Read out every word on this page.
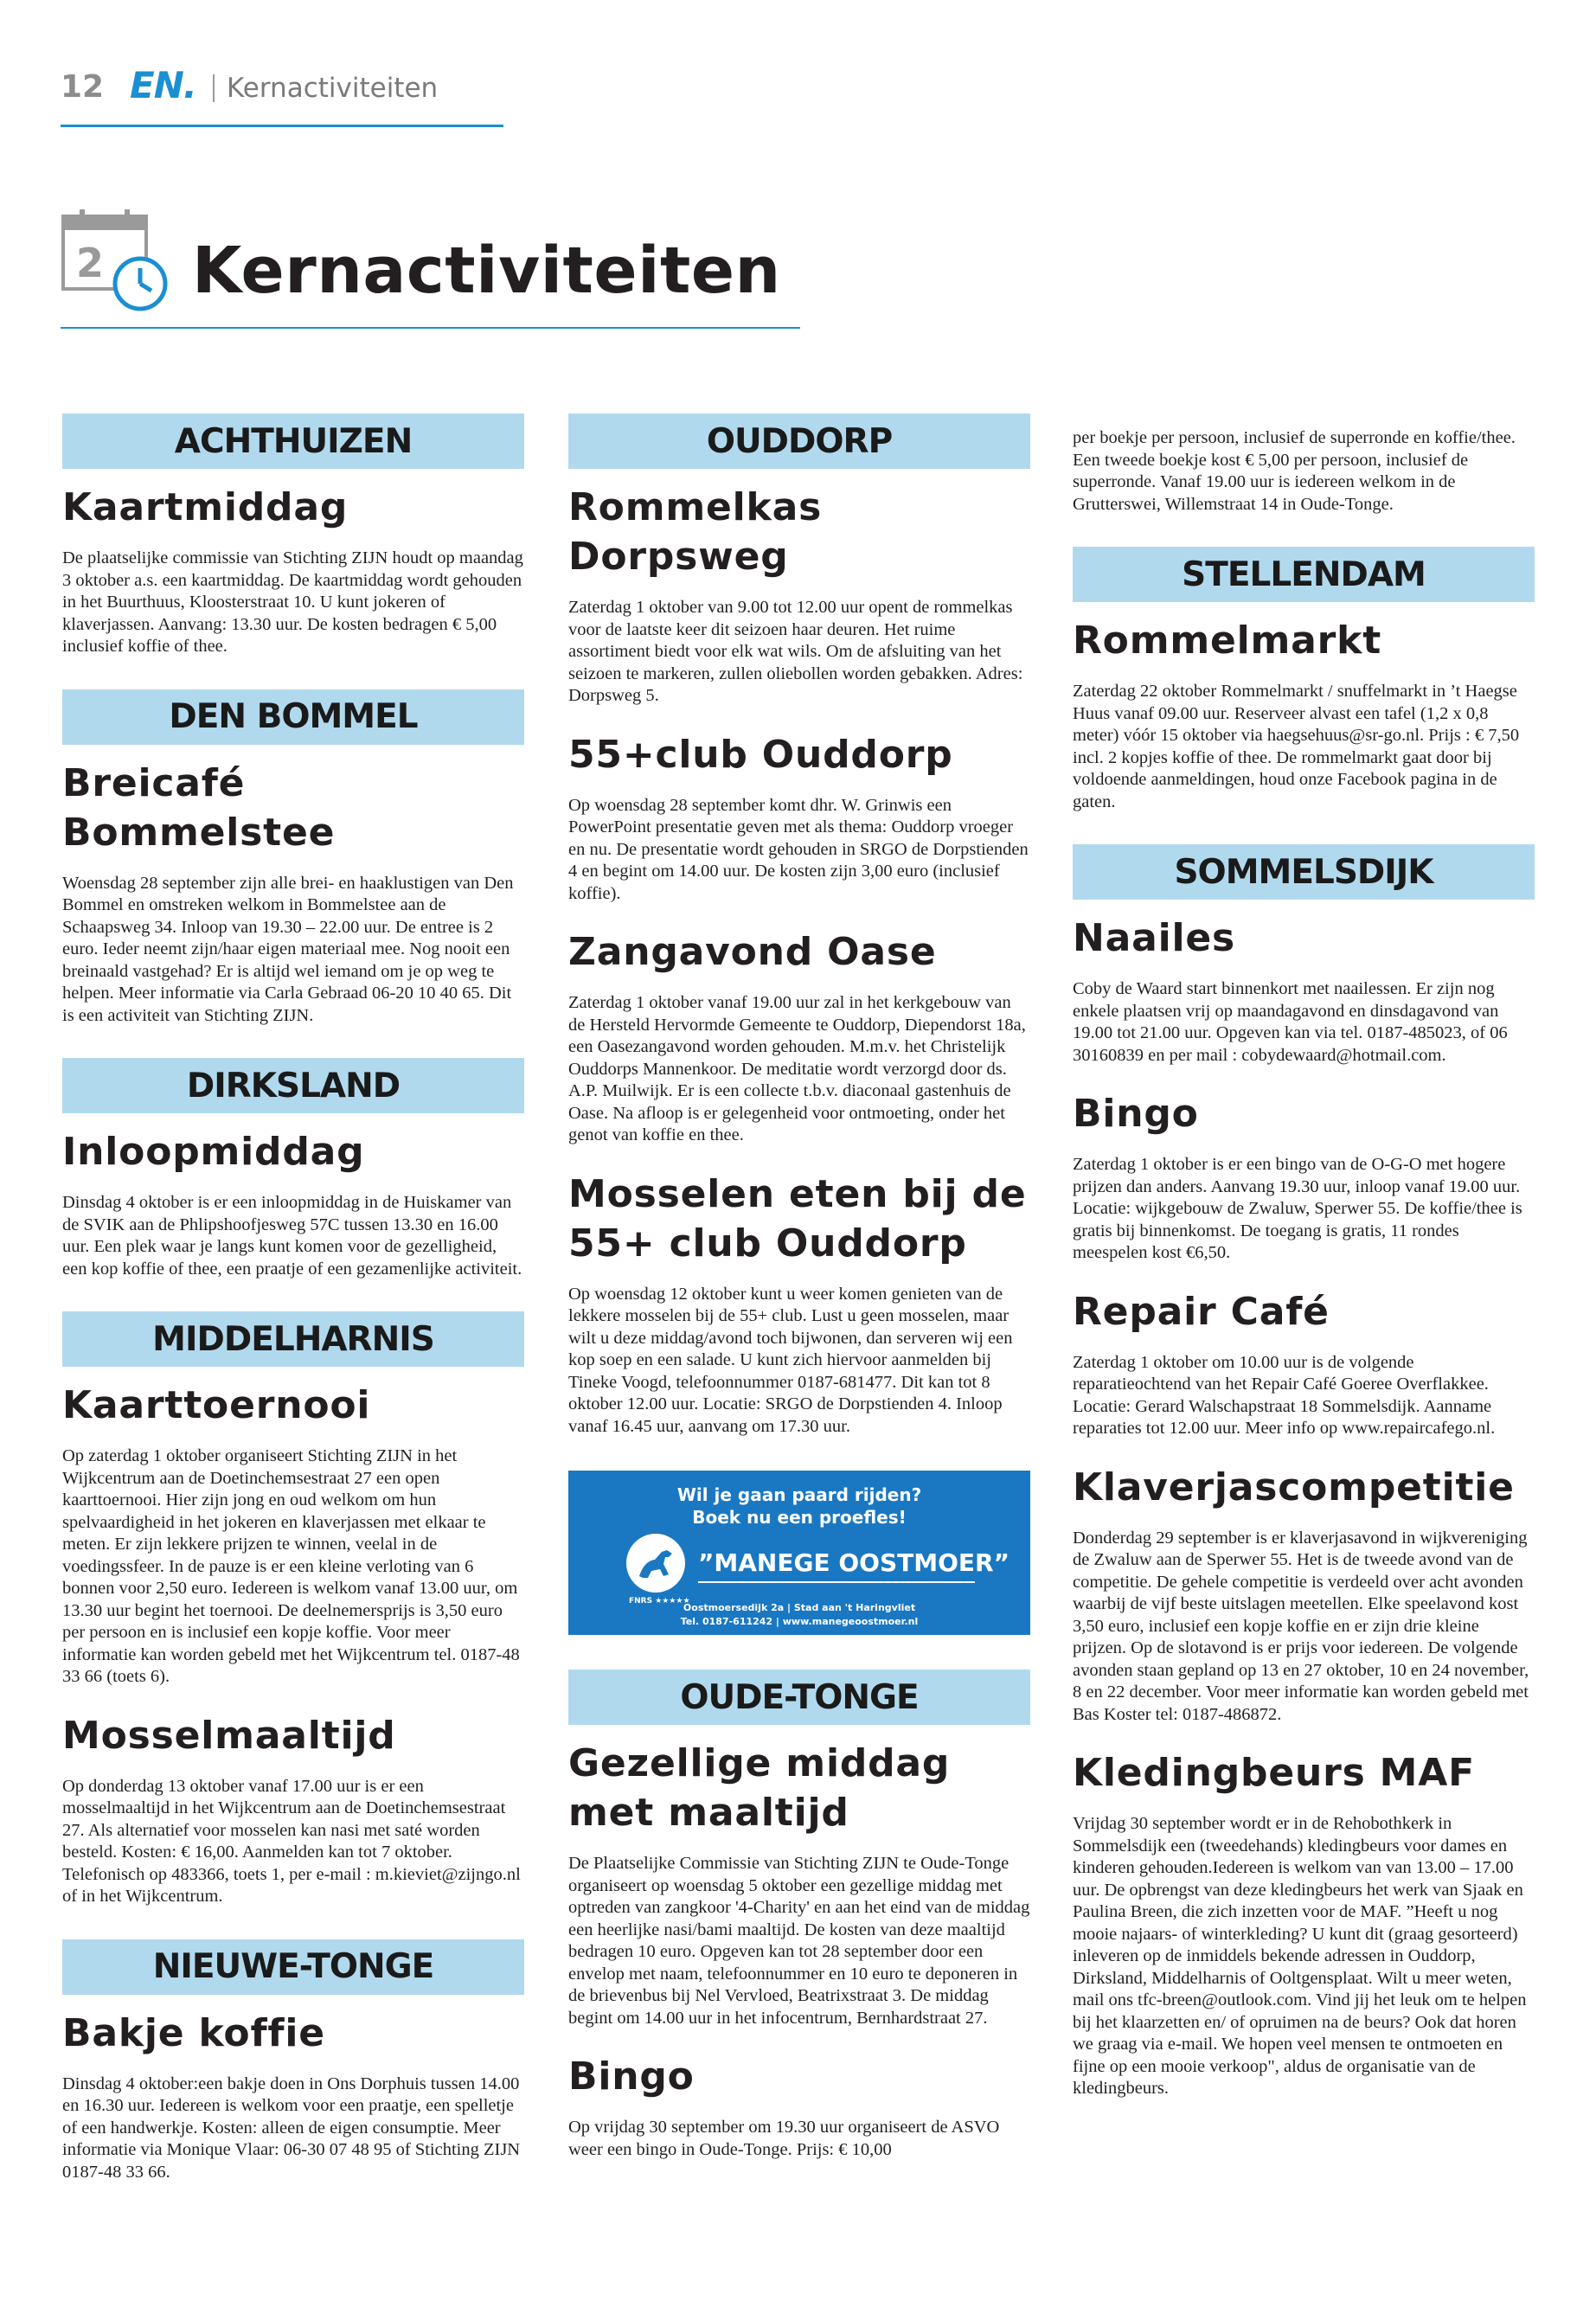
12 EN. Kernactiviteiten
2 Kernactiviteiten
ACHTHUIZEN
Kaartmiddag

De plaatselijke commissie van Stichting ZIJN houdt op maandag 3 oktober a.s. een kaartmiddag. De kaartmiddag wordt gehouden in het Buurthuus, Kloosterstraat 10. U kunt jokeren of klaverjassen. Aanvang: 13.30 uur. De kosten bedragen € 5,00 inclusief koffie of thee.

DEN BOMMEL
Breicafé Bommelstee

Woensdag 28 september zijn alle brei- en haaklustigen van Den Bommel en omstreken welkom in Bommelstee aan de Schaapsweg 34. Inloop van 19.30 – 22.00 uur. De entree is 2 euro. Ieder neemt zijn/haar eigen materiaal mee. Nog nooit een breinaald vastgehad? Er is altijd wel iemand om je op weg te helpen. Meer informatie via Carla Gebraad 06-20 10 40 65. Dit is een activiteit van Stichting ZIJN.

DIRKSLAND
Inloopmiddag

Dinsdag 4 oktober is er een inloopmiddag in de Huiskamer van de SVIK aan de Phlipshoofjesweg 57C tussen 13.30 en 16.00 uur. Een plek waar je langs kunt komen voor de gezelligheid, een kop koffie of thee, een praatje of een gezamenlijke activiteit.

MIDDELHARNIS
Kaarttoernooi

Op zaterdag 1 oktober organiseert Stichting ZIJN in het Wijkcentrum aan de Doetinchemsestraat 27 een open kaarttoernooi. Hier zijn jong en oud welkom om hun spelvaardigheid in het jokeren en klaverjassen met elkaar te meten. Er zijn lekkere prijzen te winnen, veelal in de voedingssfeer. In de pauze is er een kleine verloting van 6 bonnen voor 2,50 euro. Iedereen is welkom vanaf 13.00 uur, om 13.30 uur begint het toernooi. De deelnemersprijs is 3,50 euro per persoon en is inclusief een kopje koffie. Voor meer informatie kan worden gebeld met het Wijkcentrum tel. 0187-48 33 66 (toets 6).

Mosselmaaltijd

Op donderdag 13 oktober vanaf 17.00 uur is er een mosselmaaltijd in het Wijkcentrum aan de Doetinchemsestraat 27. Als alternatief voor mosselen kan nasi met saté worden besteld. Kosten: € 16,00. Aanmelden kan tot 7 oktober. Telefonisch op 483366, toets 1, per e-mail : m.kieviet@zijngo.nl of in het Wijkcentrum.

NIEUWE-TONGE
Bakje koffie

Dinsdag 4 oktober:een bakje doen in Ons Dorphuis tussen 14.00 en 16.30 uur. Iedereen is welkom voor een praatje, een spelletje of een handwerkje. Kosten: alleen de eigen consumptie. Meer informatie via Monique Vlaar: 06-30 07 48 95 of Stichting ZIJN 0187-48 33 66.

OUDDORP
Rommelkas Dorpsweg

Zaterdag 1 oktober van 9.00 tot 12.00 uur opent de rommelkas voor de laatste keer dit seizoen haar deuren. Het ruime assortiment biedt voor elk wat wils. Om de afsluiting van het seizoen te markeren, zullen oliebollen worden gebakken. Adres: Dorpsweg 5.

55+club Ouddorp

Op woensdag 28 september komt dhr. W. Grinwis een PowerPoint presentatie geven met als thema: Ouddorp vroeger en nu. De presentatie wordt gehouden in SRGO de Dorpstienden 4 en begint om 14.00 uur. De kosten zijn 3,00 euro (inclusief koffie).

Zangavond Oase

Zaterdag 1 oktober vanaf 19.00 uur zal in het kerkgebouw van de Hersteld Hervormde Gemeente te Ouddorp, Diependorst 18a, een Oasezangavond worden gehouden. M.m.v. het Christelijk Ouddorps Mannenkoor. De meditatie wordt verzorgd door ds. A.P. Muilwijk. Er is een collecte t.b.v. diaconaal gastenhuis de Oase. Na afloop is er gelegenheid voor ontmoeting, onder het genot van koffie en thee.

Mosselen eten bij de 55+ club Ouddorp

Op woensdag 12 oktober kunt u weer komen genieten van de lekkere mosselen bij de 55+ club. Lust u geen mosselen, maar wilt u deze middag/avond toch bijwonen, dan serveren wij een kop soep en een salade. U kunt zich hiervoor aanmelden bij Tineke Voogd, telefoonnummer 0187-681477. Dit kan tot 8 oktober 12.00 uur. Locatie: SRGO de Dorpstienden 4. Inloop vanaf 16.45 uur, aanvang om 17.30 uur.

Wil je gaan paard rijden?
Boek nu een proefles!
”MANEGE OOSTMOER”
FNRS ★★★★★
Oostmoersedijk 2a | Stad aan 't Haringvliet
Tel. 0187-611242 | www.manegeoostmoer.nl
OUDE-TONGE
Gezellige middag met maaltijd

De Plaatselijke Commissie van Stichting ZIJN te Oude-Tonge organiseert op woensdag 5 oktober een gezellige middag met optreden van zangkoor '4-Charity' en aan het eind van de middag een heerlijke nasi/bami maaltijd. De kosten van deze maaltijd bedragen 10 euro. Opgeven kan tot 28 september door een envelop met naam, telefoonnummer en 10 euro te deponeren in de brievenbus bij Nel Vervloed, Beatrixstraat 3. De middag begint om 14.00 uur in het infocentrum, Bernhardstraat 27.

Bingo

Op vrijdag 30 september om 19.30 uur organiseert de ASVO weer een bingo in Oude-Tonge. Prijs: € 10,00

per boekje per persoon, inclusief de superronde en koffie/thee. Een tweede boekje kost € 5,00 per persoon, inclusief de superronde. Vanaf 19.00 uur is iedereen welkom in de Grutterswei, Willemstraat 14 in Oude-Tonge.

STELLENDAM
Rommelmarkt

Zaterdag 22 oktober Rommelmarkt / snuffelmarkt in ’t Haegse Huus vanaf 09.00 uur. Reserveer alvast een tafel (1,2 x 0,8 meter) vóór 15 oktober via haegsehuus@sr-go.nl. Prijs : € 7,50 incl. 2 kopjes koffie of thee. De rommelmarkt gaat door bij voldoende aanmeldingen, houd onze Facebook pagina in de gaten.

SOMMELSDIJK
Naailes

Coby de Waard start binnenkort met naailessen. Er zijn nog enkele plaatsen vrij op maandagavond en dinsdagavond van 19.00 tot 21.00 uur. Opgeven kan via tel. 0187-485023, of 06 30160839 en per mail : cobydewaard@hotmail.com.

Bingo

Zaterdag 1 oktober is er een bingo van de O-G-O met hogere prijzen dan anders. Aanvang 19.30 uur, inloop vanaf 19.00 uur. Locatie: wijkgebouw de Zwaluw, Sperwer 55. De koffie/thee is gratis bij binnenkomst. De toegang is gratis, 11 rondes meespelen kost €6,50.

Repair Café

Zaterdag 1 oktober om 10.00 uur is de volgende reparatieochtend van het Repair Café Goeree Overflakkee. Locatie: Gerard Walschapstraat 18 Sommelsdijk. Aanname reparaties tot 12.00 uur. Meer info op www.repaircafego.nl.

Klaverjascompetitie

Donderdag 29 september is er klaverjasavond in wijkvereniging de Zwaluw aan de Sperwer 55. Het is de tweede avond van de competitie. De gehele competitie is verdeeld over acht avonden waarbij de vijf beste uitslagen meetellen. Elke speelavond kost 3,50 euro, inclusief een kopje koffie en er zijn drie kleine prijzen. Op de slotavond is er prijs voor iedereen. De volgende avonden staan gepland op 13 en 27 oktober, 10 en 24 november, 8 en 22 december. Voor meer informatie kan worden gebeld met Bas Koster tel: 0187-486872.

Kledingbeurs MAF

Vrijdag 30 september wordt er in de Rehobothkerk in Sommelsdijk een (tweedehands) kledingbeurs voor dames en kinderen gehouden.Iedereen is welkom van van 13.00 – 17.00 uur. De opbrengst van deze kledingbeurs het werk van Sjaak en Paulina Breen, die zich inzetten voor de MAF. ”Heeft u nog mooie najaars- of winterkleding? U kunt dit (graag gesorteerd) inleveren op de inmiddels bekende adressen in Ouddorp, Dirksland, Middelharnis of Ooltgensplaat. Wilt u meer weten, mail ons tfc-breen@outlook.com. Vind jij het leuk om te helpen bij het klaarzetten en/ of opruimen na de beurs? Ook dat horen we graag via e-mail. We hopen veel mensen te ontmoeten en fijne op een mooie verkoop", aldus de organisatie van de kledingbeurs.
